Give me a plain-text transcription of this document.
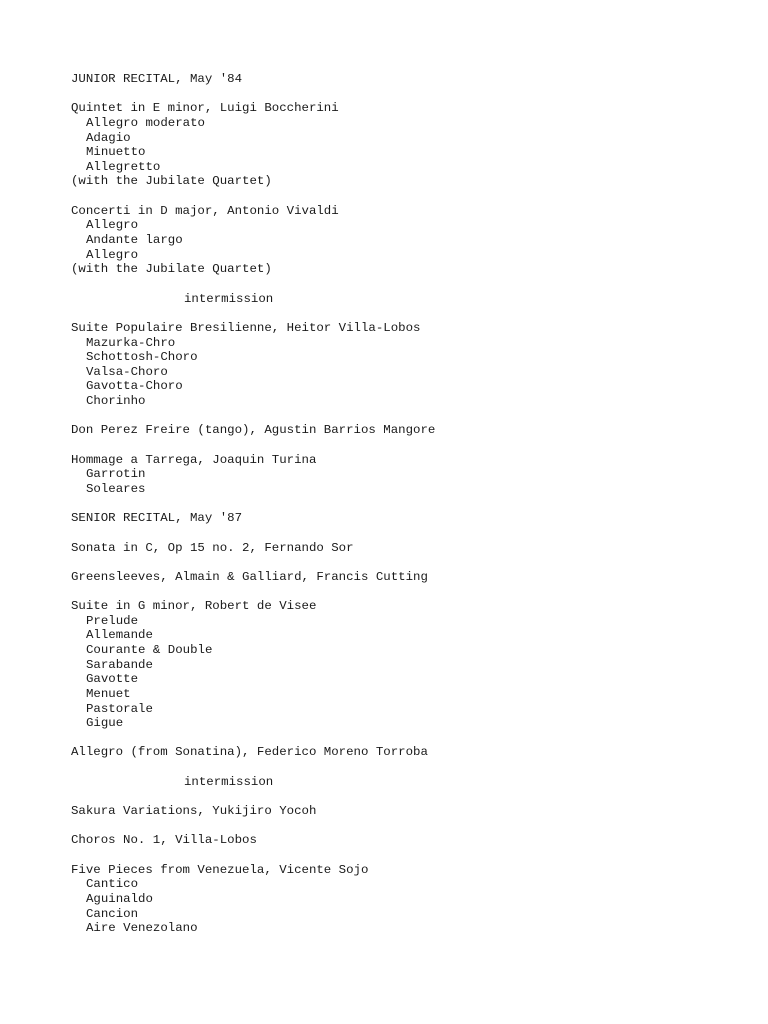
JUNIOR RECITAL, May '84
Quintet in E minor, Luigi Boccherini
Allegro moderato
Adagio
Minuetto
Allegretto
(with the Jubilate Quartet)
Concerti in D major, Antonio Vivaldi
Allegro
Andante largo
Allegro
(with the Jubilate Quartet)
intermission
Suite Populaire Bresilienne, Heitor Villa-Lobos
Mazurka-Chro
Schottosh-Choro
Valsa-Choro
Gavotta-Choro
Chorinho
Don Perez Freire (tango), Agustin Barrios Mangore
Hommage a Tarrega, Joaquin Turina
Garrotin
Soleares
SENIOR RECITAL, May '87
Sonata in C, Op 15 no. 2, Fernando Sor
Greensleeves, Almain & Galliard, Francis Cutting
Suite in G minor, Robert de Visee
Prelude
Allemande
Courante & Double
Sarabande
Gavotte
Menuet
Pastorale
Gigue
Allegro (from Sonatina), Federico Moreno Torroba
intermission
Sakura Variations, Yukijiro Yocoh
Choros No. 1, Villa-Lobos
Five Pieces from Venezuela, Vicente Sojo
Cantico
Aguinaldo
Cancion
Aire Venezolano
